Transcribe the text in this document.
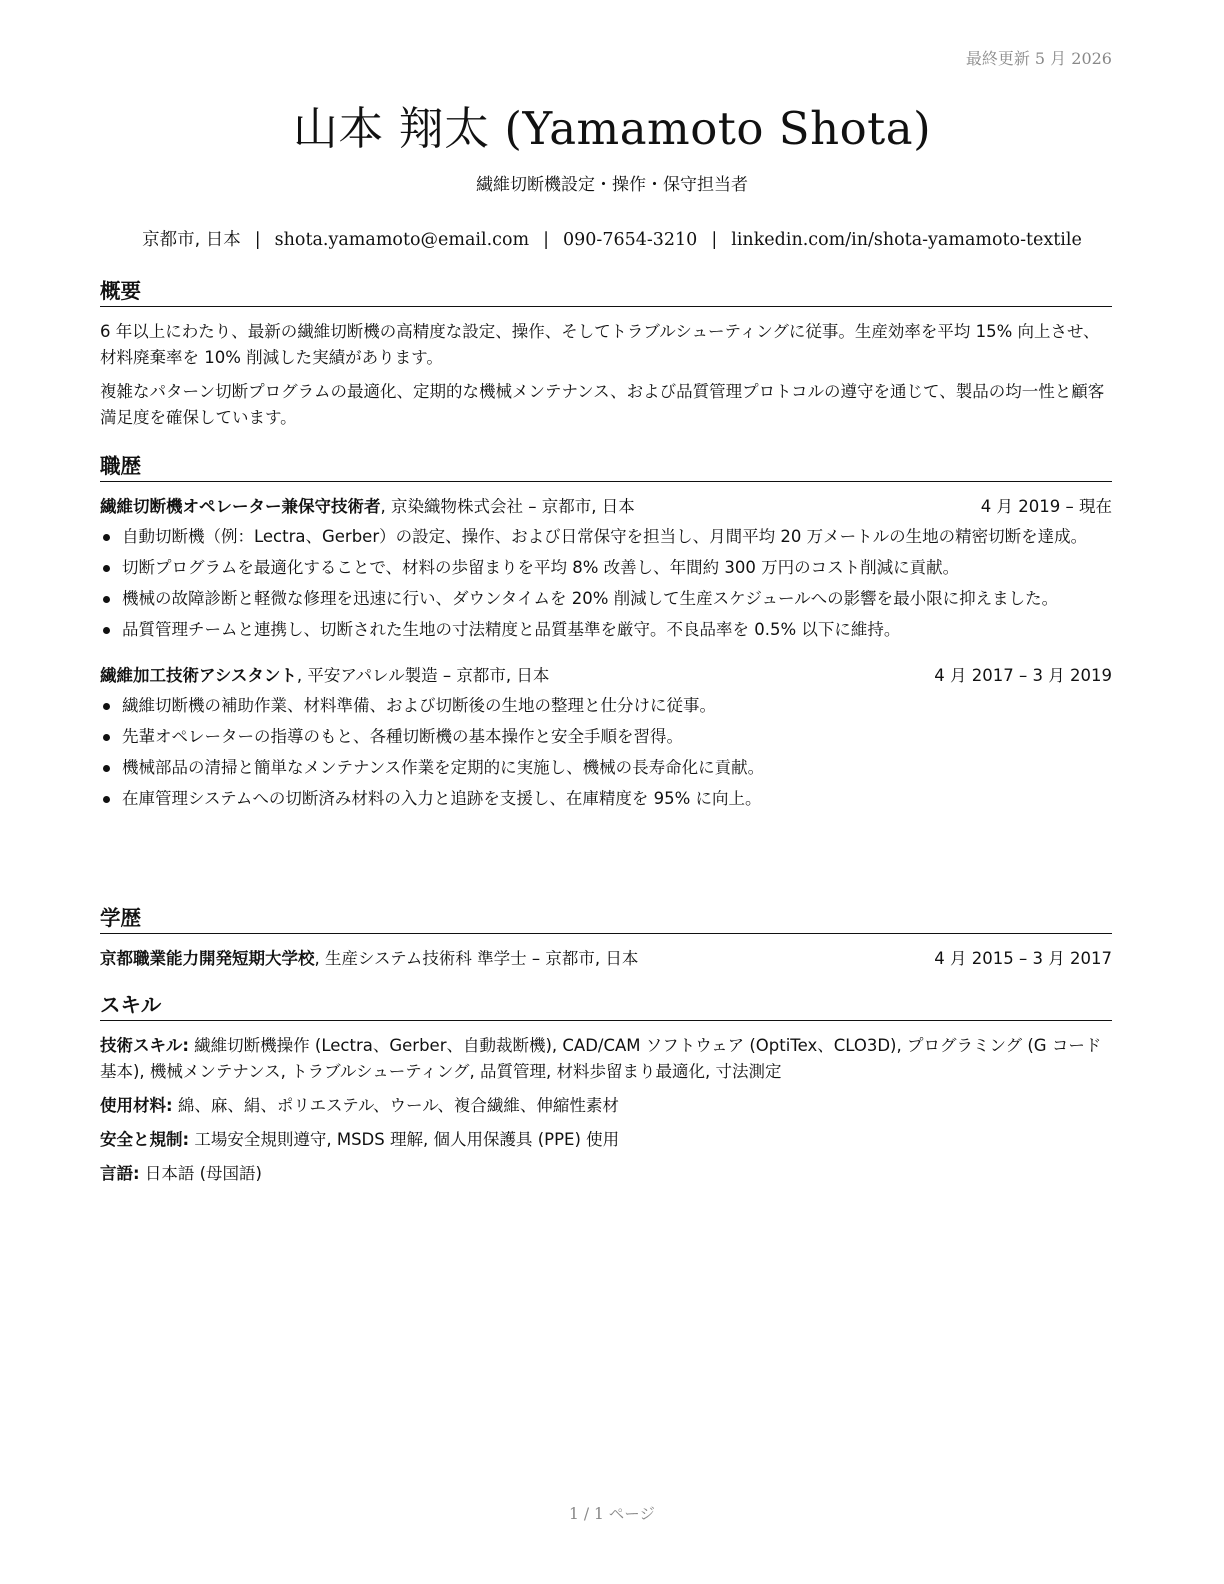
最終更新 5 月 2026
山本 翔太 (Yamamoto Shota)
繊維切断機設定・操作・保守担当者
京都市, 日本 | shota.yamamoto@email.com | 090-7654-3210 | linkedin.com/in/shota-yamamoto-textile
概要

6 年以上にわたり、最新の繊維切断機の高精度な設定、操作、そしてトラブルシューティングに従事。生産効率を平均 15% 向上させ、材料廃棄率を 10% 削減した実績があります。

複雑なパターン切断プログラムの最適化、定期的な機械メンテナンス、および品質管理プロトコルの遵守を通じて、製品の均一性と顧客満足度を確保しています。

職歴
繊維切断機オペレーター兼保守技術者, 京染織物株式会社 – 京都市, 日本	4 月 2019 – 現在
自動切断機（例：Lectra、Gerber）の設定、操作、および日常保守を担当し、月間平均 20 万メートルの生地の精密切断を達成。
切断プログラムを最適化することで、材料の歩留まりを平均 8% 改善し、年間約 300 万円のコスト削減に貢献。
機械の故障診断と軽微な修理を迅速に行い、ダウンタイムを 20% 削減して生産スケジュールへの影響を最小限に抑えました。
品質管理チームと連携し、切断された生地の寸法精度と品質基準を厳守。不良品率を 0.5% 以下に維持。
繊維加工技術アシスタント, 平安アパレル製造 – 京都市, 日本	4 月 2017 – 3 月 2019
繊維切断機の補助作業、材料準備、および切断後の生地の整理と仕分けに従事。
先輩オペレーターの指導のもと、各種切断機の基本操作と安全手順を習得。
機械部品の清掃と簡単なメンテナンス作業を定期的に実施し、機械の長寿命化に貢献。
在庫管理システムへの切断済み材料の入力と追跡を支援し、在庫精度を 95% に向上。
学歴
京都職業能力開発短期大学校, 生産システム技術科 準学士 – 京都市, 日本	4 月 2015 – 3 月 2017
スキル

技術スキル: 繊維切断機操作 (Lectra、Gerber、自動裁断機), CAD/CAM ソフトウェア (OptiTex、CLO3D), プログラミング (G コード基本), 機械メンテナンス, トラブルシューティング, 品質管理, 材料歩留まり最適化, 寸法測定

使用材料: 綿、麻、絹、ポリエステル、ウール、複合繊維、伸縮性素材

安全と規制: 工場安全規則遵守, MSDS 理解, 個人用保護具 (PPE) 使用

言語: 日本語 (母国語)

1 / 1 ページ
